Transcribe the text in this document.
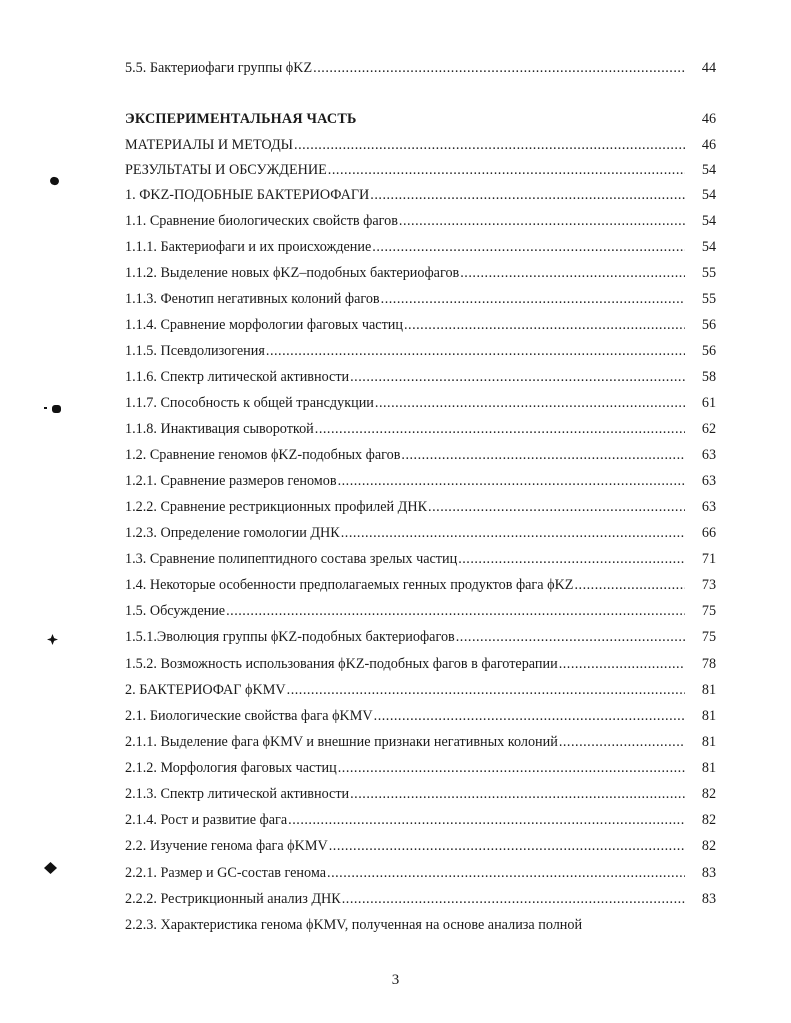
5.5. Бактериофаги группы ϕKZ .....	44
ЭКСПЕРИМЕНТАЛЬНАЯ ЧАСТЬ	46
МАТЕРИАЛЫ И МЕТОДЫ .....	46
РЕЗУЛЬТАТЫ И ОБСУЖДЕНИЕ .....	54
1. ФKZ-ПОДОБНЫЕ БАКТЕРИОФАГИ .....	54
1.1. Сравнение биологических свойств фагов .....	54
1.1.1. Бактериофаги и их происхождение .....	54
1.1.2. Выделение новых ϕKZ–подобных бактериофагов .....	55
1.1.3. Фенотип негативных колоний фагов .....	55
1.1.4. Сравнение морфологии фаговых частиц .....	56
1.1.5. Псевдолизогения .....	56
1.1.6. Спектр литической активности .....	58
1.1.7. Способность к общей трансдукции .....	61
1.1.8. Инактивация сывороткой .....	62
1.2. Сравнение геномов ϕKZ-подобных фагов .....	63
1.2.1. Сравнение размеров геномов .....	63
1.2.2. Сравнение рестрикционных профилей ДНК .....	63
1.2.3. Определение гомологии ДНК .....	66
1.3. Сравнение полипептидного состава зрелых частиц .....	71
1.4. Некоторые особенности предполагаемых генных продуктов фага ϕKZ .....	73
1.5. Обсуждение .....	75
1.5.1.Эволюция группы ϕKZ-подобных бактериофагов .....	75
1.5.2. Возможность использования ϕKZ-подобных фагов в фаготерапии .....	78
2. БАКТЕРИОФАГ ϕKMV .....	81
2.1. Биологические свойства фага ϕKMV .....	81
2.1.1. Выделение фага ϕKMV и внешние признаки негативных колоний .....	81
2.1.2. Морфология фаговых частиц .....	81
2.1.3. Спектр литической активности .....	82
2.1.4. Рост и развитие фага .....	82
2.2. Изучение генома фага ϕKMV .....	82
2.2.1. Размер и GC-состав генома .....	83
2.2.2. Рестрикционный анализ ДНК .....	83
2.2.3. Характеристика генома ϕKMV, полученная на основе анализа полной
3
